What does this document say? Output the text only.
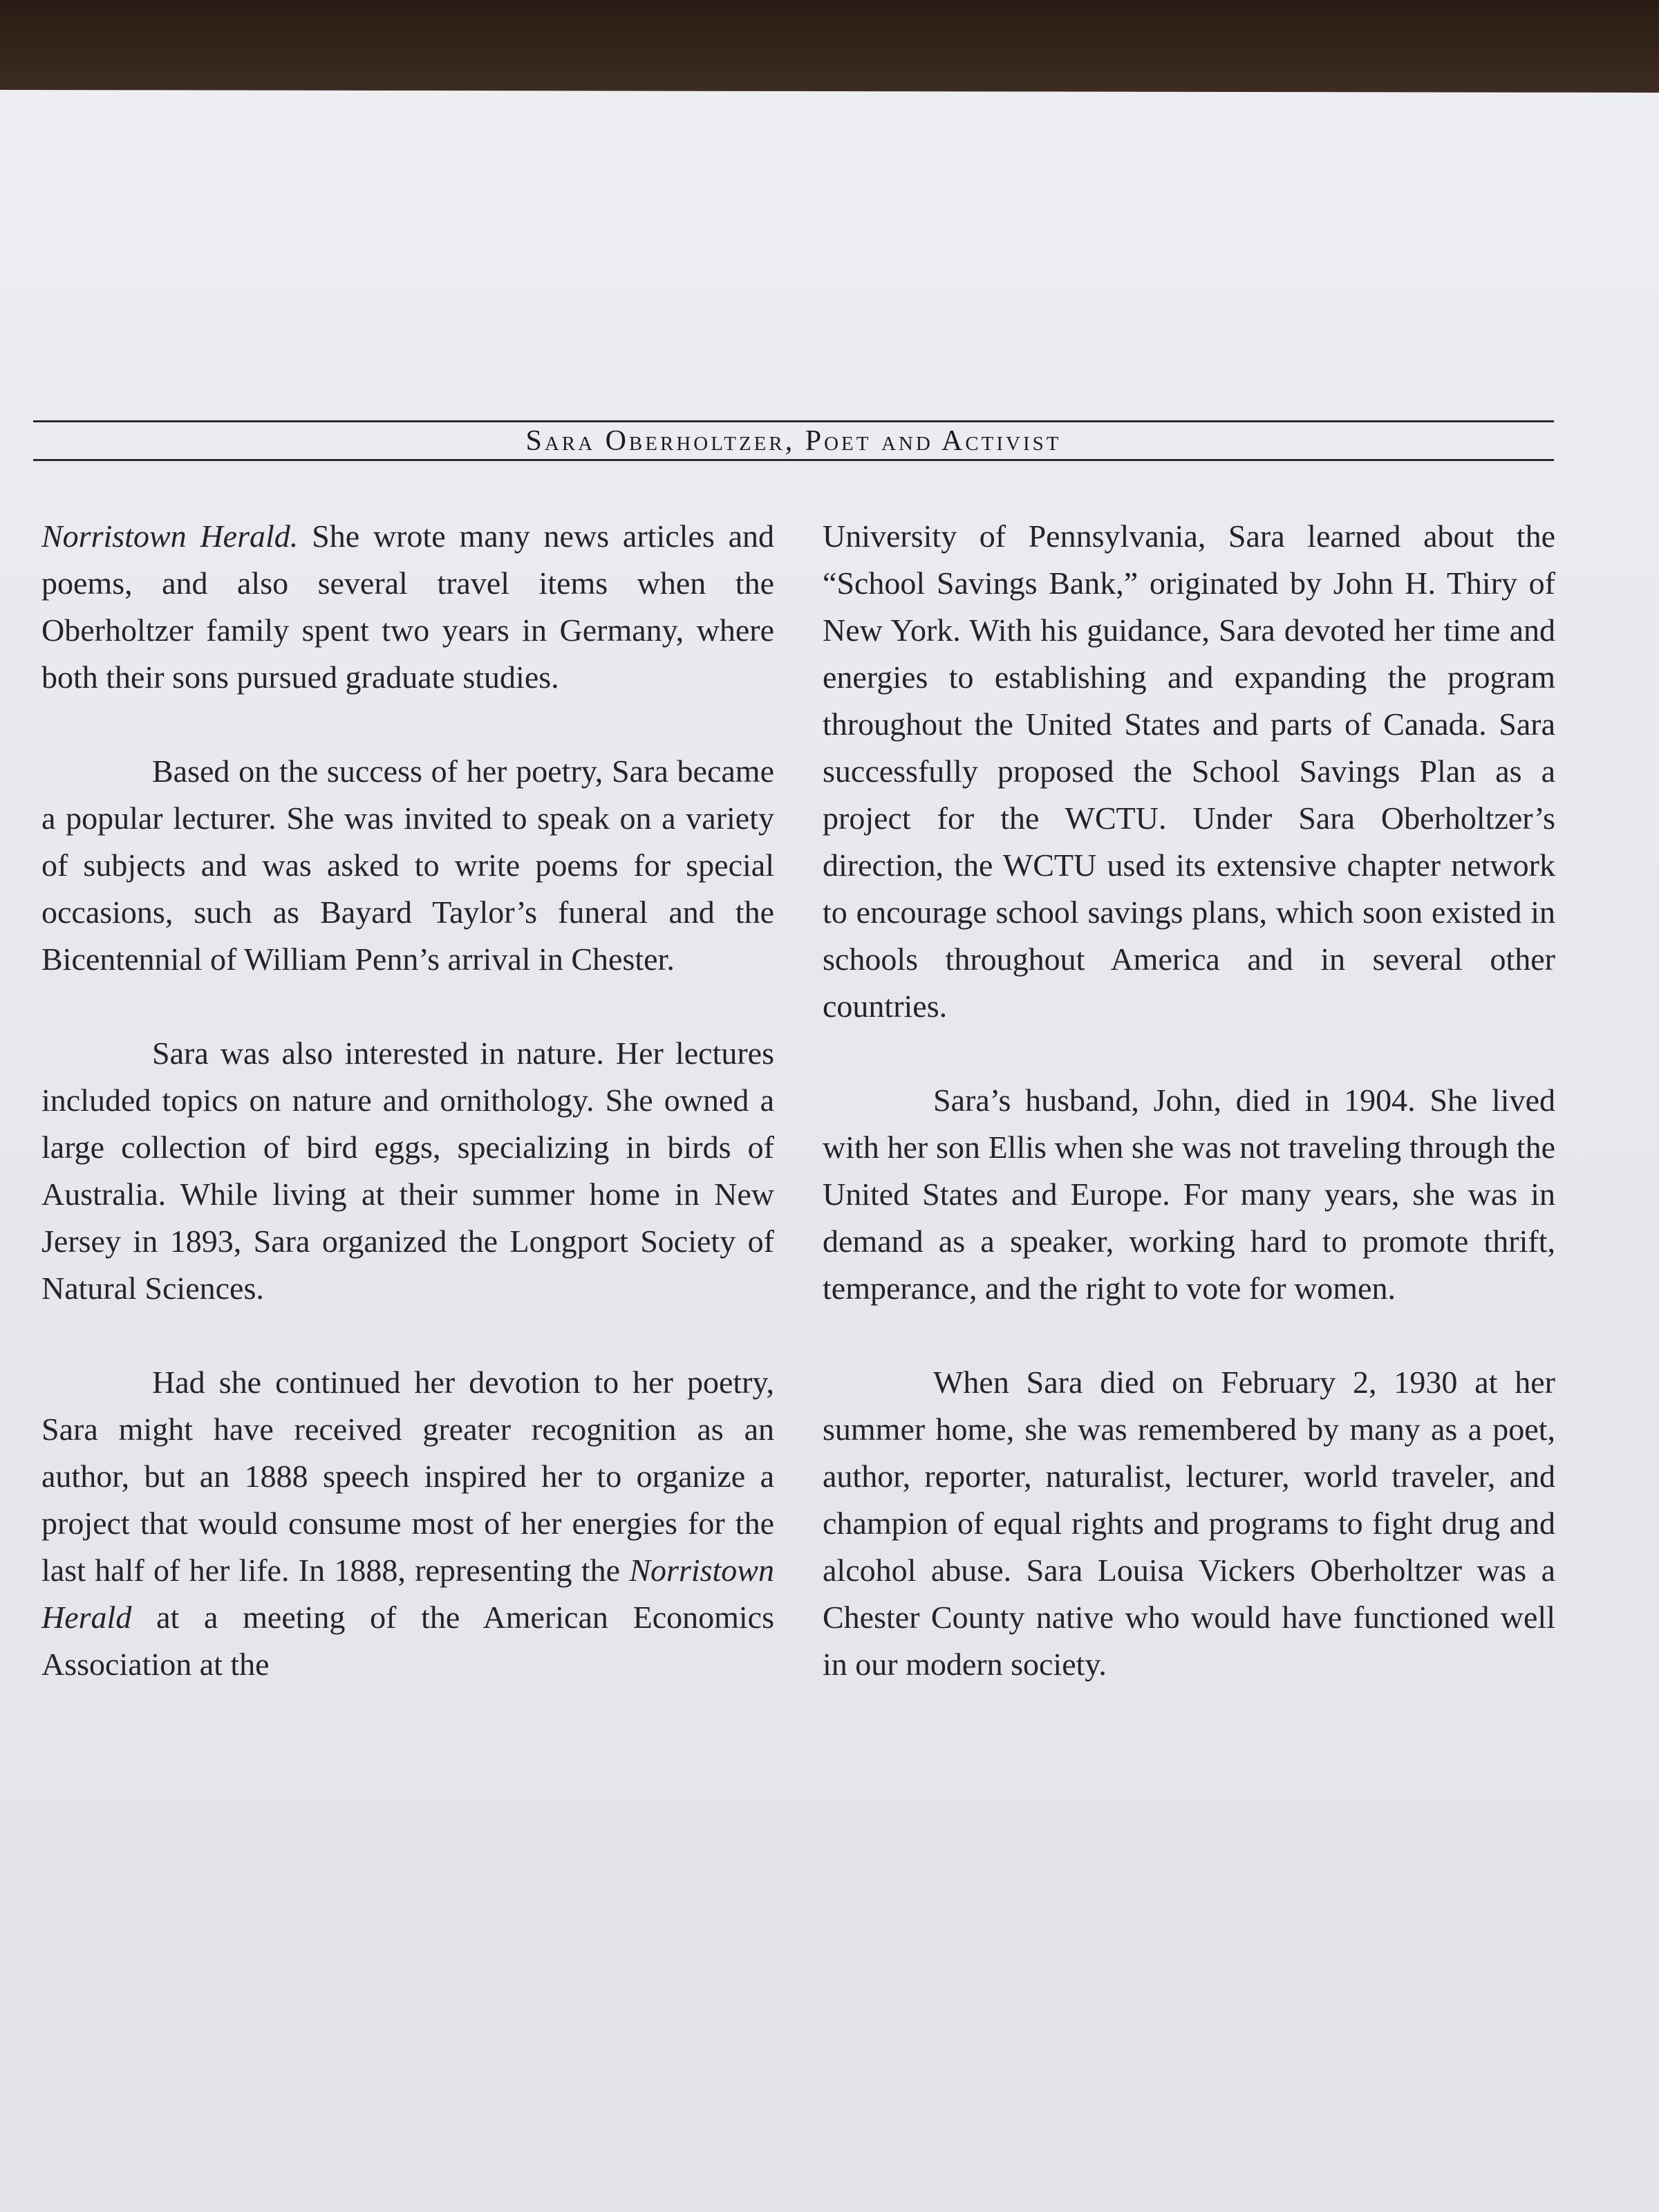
Sara Oberholtzer, Poet and Activist

Norristown Herald. She wrote many news articles and poems, and also several travel items when the Oberholtzer family spent two years in Germany, where both their sons pursued graduate studies.

Based on the success of her poetry, Sara became a popular lecturer. She was invited to speak on a variety of subjects and was asked to write poems for special occasions, such as Bayard Taylor’s funeral and the Bicentennial of William Penn’s arrival in Chester.

Sara was also interested in nature. Her lectures included topics on nature and ornithology. She owned a large collection of bird eggs, specializing in birds of Australia. While living at their summer home in New Jersey in 1893, Sara organized the Longport Society of Natural Sciences.

Had she continued her devotion to her poetry, Sara might have received greater recognition as an author, but an 1888 speech inspired her to organize a project that would consume most of her energies for the last half of her life. In 1888, representing the Norristown Herald at a meeting of the American Economics Association at the

University of Pennsylvania, Sara learned about the “School Savings Bank,” originated by John H. Thiry of New York. With his guidance, Sara devoted her time and energies to establishing and expanding the program throughout the United States and parts of Canada. Sara successfully proposed the School Savings Plan as a project for the WCTU. Under Sara Oberholtzer’s direction, the WCTU used its extensive chapter network to encourage school savings plans, which soon existed in schools throughout America and in several other countries.

Sara’s husband, John, died in 1904. She lived with her son Ellis when she was not traveling through the United States and Europe. For many years, she was in demand as a speaker, working hard to promote thrift, temperance, and the right to vote for women.

When Sara died on February 2, 1930 at her summer home, she was remembered by many as a poet, author, reporter, naturalist, lecturer, world traveler, and champion of equal rights and programs to fight drug and alcohol abuse. Sara Louisa Vickers Oberholtzer was a Chester County native who would have functioned well in our modern society.
